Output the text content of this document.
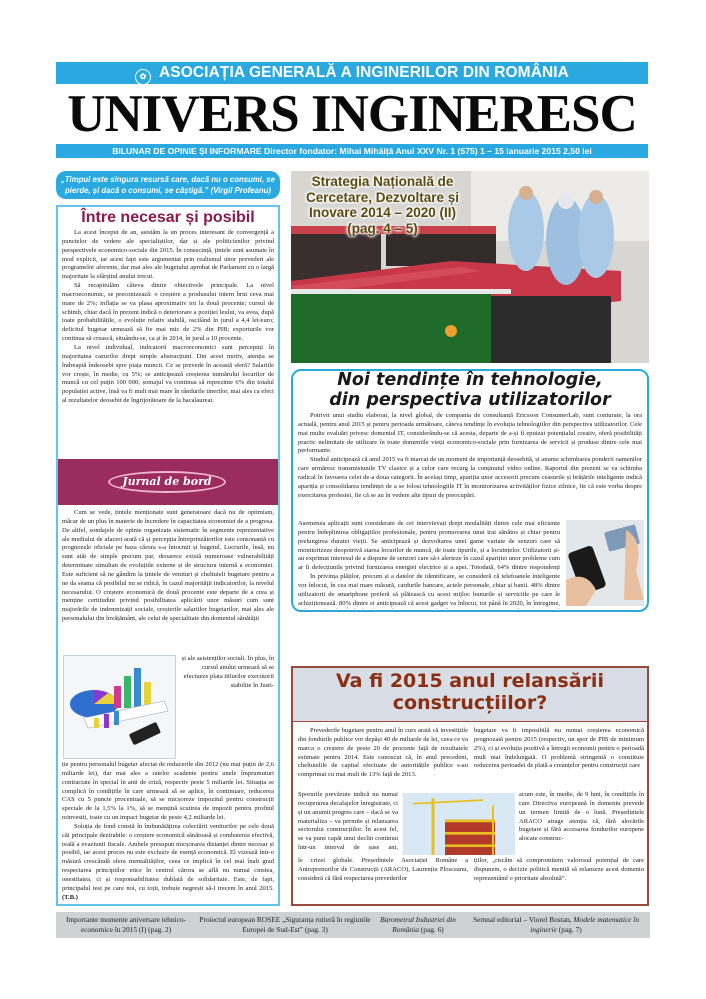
✿ ASOCIAȚIA GENERALĂ A INGINERILOR DIN ROMÂNIA
UNIVERS INGINERESC
BILUNAR DE OPINIE ȘI INFORMARE Director fondator: Mihai Mihăiță Anul XXV Nr. 1 (575) 1 – 15 ianuarie 2015 2,50 lei
„Timpul este singura resursă care, dacă nu o consumi, se pierde, și dacă o consumi, se câștigă.” (Virgil Profeanu)
Între necesar și posibil

La acest început de an, asistăm la un proces interesant de convergență a punctelor de vedere ale specialiștilor, dar și ale politicienilor privind perspectivele economico-sociale din 2015. În consecință, țintele sunt asumate în mod explicit, iar acest fapt este argumentat prin realismul unor prevederi ale programelor aferente, dar mai ales ale bugetului aprobat de Parlament cu o largă majoritate la sfârșitul anului trecut.

Să recapitulăm câteva dintre obiectivele principale. La nivel macroeconomic, se preconizează: o creștere a produsului intern brut ceva mai mare de 2%; inflația se va plasa aproximativ tot la două procente; cursul de schimb, chiar dacă în prezent indică o deteriorare a poziției leului, va avea, după toate probabilitățile, o evoluție relativ stabilă, oscilând în jurul a 4,4 lei/euro; deficitul bugetar urmează să fie mai mic de 2% din PIB; exporturile vor continua să crească, situându-se, ca și în 2014, în jurul a 10 procente.

La nivel individual, indicatorii macroeconomici sunt percepuți în majoritatea cazurilor drept simple abstracțiuni. Din acest motiv, atenția se îndreaptă îndeosebi spre piața muncii. Ce se prevede în această sferă? Salariile vor crește, în medie, cu 5%; se anticipează creșterea numărului locurilor de muncă cu cel puțin 100 000; șomajul va continua să reprezinte 6% din totalul populației active, însă va fi mult mai mare în rândurile tinerilor, mai ales ca efect al rezultatelor deosebit de îngrijorătoare de la bacalaureat.

Jurnal de bord

Cum se vede, țintele menționate sunt generatoare dacă nu de optimism, măcar de un plus în materie de încredere în capacitatea economiei de a progresa. De altfel, sondajele de opinie organizate sistematic în segmente reprezentative ale mediului de afaceri arată că și percepția întreprinzătorilor este consonantă cu prognozele oficiale pe baza cărora s-a întocmit și bugetul. Lucrurile, însă, nu sunt atât de simple precum par, deoarece există numeroase vulnerabilități determinate simultan de evoluțiile externe și de structura internă a economiei. Este suficient să ne gândim la țintele de venituri și cheltuieli bugetare pentru a ne da seama că posibilul nu se ridică, în cazul majorității indicatorilor, la nivelul necesarului. O creștere economică de două procente este departe de a crea și menține certitudini privind posibilitatea aplicării unor măsuri cum sunt majorările de indemnizații sociale, creșterile salariilor bugetarilor, mai ales ale personalului din învățământ, ale celui de specialitate din domeniul sănătății

și ale asistenților sociali. În plus, în cursul anului urmează să se efectueze plata titlurilor executorii stabilite în Justi-

ție pentru personalul bugetar afectat de reducerile din 2012 (nu mai puțin de 2,6 miliarde lei), dar mai ales a ratelor scadente pentru unele împrumuturi contractate în special în anii de criză, respectiv peste 5 miliarde lei. Situația se complică în condițiile în care urmează să se aplice, în continuare, reducerea CAS cu 5 puncte procentuale, să se micșoreze impozitul pentru construcții speciale de la 1,5% la 1%, să se mențină scutirea de impozit pentru profitul reinvestit, toate cu un impact bugetar de peste 4,2 miliarde lei.

Soluția de fond constă în îmbunătățirea colectării veniturilor pe cele două căi principale dezirabile: o creștere economică sănătoasă și combaterea efectivă, reală a evaziunii fiscale. Ambele presupun micșorarea distanței dintre necesar și posibil, iar acest proces nu este exclusiv de esență economică. El vizează într-o măsură crescândă sfera mentalităților, ceea ce implică în cel mai înalt grad respectarea principiilor etice în centrul cărora se află nu numai cinstea, onestitatea, ci și responsabilitatea dublată de solidaritate. Este, de fapt, principalul test pe care noi, cu toții, trebuie negreșit să-l trecem în anul 2015. (T.B.)

Strategia Națională de Cercetare, Dezvoltare și Inovare 2014 – 2020 (II) (pag. 4 – 5)
Noi tendințe în tehnologie,
din perspectiva utilizatorilor

Potrivit unui studiu elaborat, la nivel global, de compania de consultanță Ericsson ConsumerLab, sunt conturate, la ora actuală, pentru anul 2015 și pentru perioada următoare, câteva tendințe în evoluția tehnologiilor din perspectiva utilizatorilor. Cele mai multe evaluări privesc domeniul IT, considerându-se că acesta, departe de a-și fi epuizat potențialul creativ, oferă posibilități practic nelimitate de utilizare în toate domeniile vieții economico-sociale prin furnizarea de servicii și produse dintre cele mai performante.

Studiul anticipează că anul 2015 va fi marcat de un moment de importanță deosebită, și anume schimbarea ponderii oamenilor care urmăresc transmisiunile TV clasice și a celor care recurg la conținutul video online. Raportul din prezent se va schimba radical în favoarea celei de-a doua categorii. În același timp, apariția unor accesorii precum ceasurile și brățările inteligente indică apariția și consolidarea tendinței de a se folosi tehnologiile IT în monitorizarea activităților fizice zilnice, fie că este vorba despre exercitarea profesiei, fie că se au în vedere alte tipuri de preocupări.

Asemenea aplicații sunt considerate de cei intervievați drept modalități dintre cele mai eficiente pentru îndeplinirea obligațiilor profesionale, pentru promovarea unui trai sănătos și chiar pentru prelungirea duratei vieții. Se anticipează și dezvoltarea unei game variate de senzori care să monitorizeze deopotrivă starea locurilor de muncă, de toate tipurile, și a locuințelor. Utilizatorii și-au exprimat interesul de a dispune de senzori care să-i alerteze în cazul apariției unor probleme cum ar fi defecțiunile privind furnizarea energiei electrice și a apei. Totodată, 64% dintre respondenți

În privința plăților, precum și a datelor de identificare, se consideră că telefoanele inteligente vor înlocui, în cea mai mare măsură, cardurile bancare, actele personale, chiar și banii. 48% dintre utilizatorii de smartphone preferă să plătească cu acest mijloc bunurile și serviciile pe care le achiziționează. 80% dintre ei anticipează că acest gadget va înlocui, tot până în 2020, în întregime,

Va fi 2015 anul relansării
construcțiilor?

Prevederile bugetare pentru anul în curs arată că investițiile din fondurile publice vor depăși 40 de miliarde de lei, ceea ce va marca o creștere de peste 20 de procente față de rezultatele estimate pentru 2014. Este cunoscut că, în anul precedent, cheltuielile de capital efectuate de autoritățile publice s-au comprimat cu mai mult de 13% față de 2013.

Sporurile prevăzute indică nu numai recuperarea decalajelor înregistrate, ci și un anumit progres care – dacă se va materializa – va permite și relansarea sectorului construcțiilor. În acest fel, se va pune capăt unui declin continuu într-un interval de șase ani,

le crizei globale. Președintele Asociației Române a Antreprenorilor de Construcții (ARACO), Laurențiu Plosceanu, consideră că fără respectarea prevederilor

bugetare va fi imposibilă nu numai creșterea economică prognozată pentru 2015 (respectiv, un spor de PIB de minimum 2%), ci și evoluția pozitivă a întregii economii pentru o perioadă mult mai îndelungată. O problemă stringentă o constituie reducerea perioadei de plată a creanțelor pentru construcții care

acum este, în medie, de 9 luni, în condițiile în care Directiva europeană în domeniu prevede un termen limită de o lună. Președintele ARACO atrage atenția că, fără alocările bugetare și fără accesarea fondurilor europene alocate construc-

țiilor, „riscăm să compromitem valorosul potențial de care dispunem, o decizie politică menită să relanseze acest domeniu reprezentând o prioritate absolută”.

Importante momente aniversare tehnico-economice în 2015 (I) (pag. 2)
Proiectul european ROSEE „Siguranța rutieră în regiunile Europei de Sud-Est” (pag. 3)
Barometrul Industriei din România (pag. 6)
Semnal editorial – Viorel Bostan, Modele matematice în inginerie (pag. 7)
